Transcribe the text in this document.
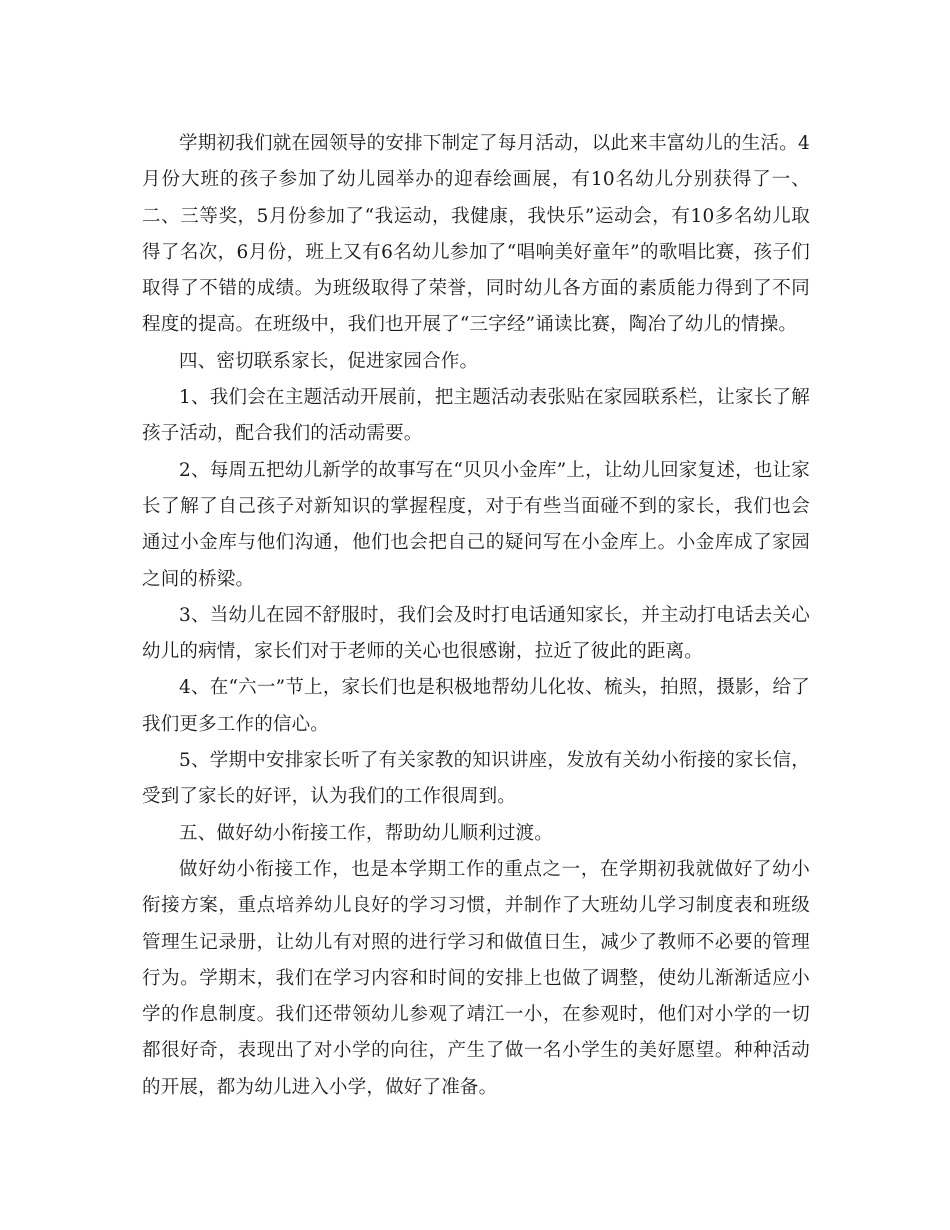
学期初我们就在园领导的安排下制定了每月活动，以此来丰富幼儿的生活。4月份大班的孩子参加了幼儿园举办的迎春绘画展，有10名幼儿分别获得了一、二、三等奖，5月份参加了“我运动，我健康，我快乐”运动会，有10多名幼儿取得了名次，6月份，班上又有6名幼儿参加了“唱响美好童年”的歌唱比赛，孩子们取得了不错的成绩。为班级取得了荣誉，同时幼儿各方面的素质能力得到了不同程度的提高。在班级中，我们也开展了“三字经”诵读比赛，陶冶了幼儿的情操。

四、密切联系家长，促进家园合作。

1、我们会在主题活动开展前，把主题活动表张贴在家园联系栏，让家长了解孩子活动，配合我们的活动需要。

2、每周五把幼儿新学的故事写在“贝贝小金库”上，让幼儿回家复述，也让家长了解了自己孩子对新知识的掌握程度，对于有些当面碰不到的家长，我们也会通过小金库与他们沟通，他们也会把自己的疑问写在小金库上。小金库成了家园之间的桥梁。

3、当幼儿在园不舒服时，我们会及时打电话通知家长，并主动打电话去关心幼儿的病情，家长们对于老师的关心也很感谢，拉近了彼此的距离。

4、在“六一”节上，家长们也是积极地帮幼儿化妆、梳头，拍照，摄影，给了我们更多工作的信心。

5、学期中安排家长听了有关家教的知识讲座，发放有关幼小衔接的家长信，受到了家长的好评，认为我们的工作很周到。

五、做好幼小衔接工作，帮助幼儿顺利过渡。

做好幼小衔接工作，也是本学期工作的重点之一，在学期初我就做好了幼小衔接方案，重点培养幼儿良好的学习习惯，并制作了大班幼儿学习制度表和班级管理生记录册，让幼儿有对照的进行学习和做值日生，减少了教师不必要的管理行为。学期末，我们在学习内容和时间的安排上也做了调整，使幼儿渐渐适应小学的作息制度。我们还带领幼儿参观了靖江一小，在参观时，他们对小学的一切都很好奇，表现出了对小学的向往，产生了做一名小学生的美好愿望。种种活动的开展，都为幼儿进入小学，做好了准备。
